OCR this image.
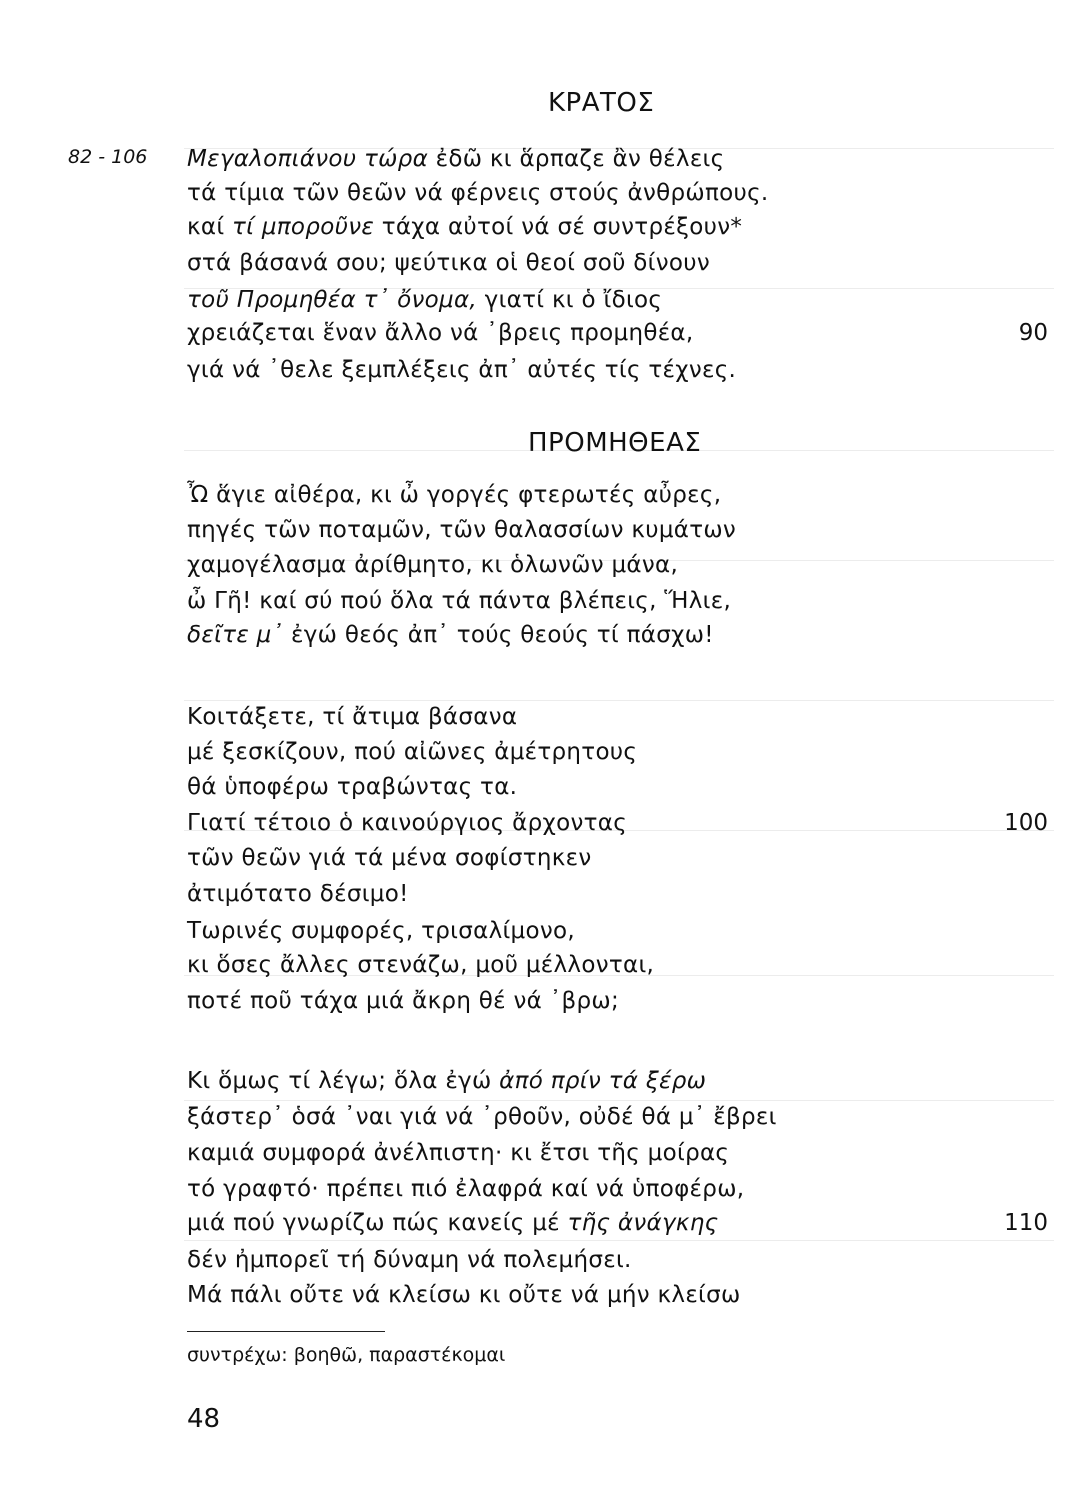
ΚΡΑΤΟΣ
82 - 106 Μεγαλοπιάνου τώρα ἐδῶ κι ἅρπαζε ἂν θέλεις
τά τίμια τῶν θεῶν νά φέρνεις στούς ἀνθρώπους.
καί τί μποροῦνε τάχα αὐτοί νά σέ συντρέξουν*
στά βάσανά σου; ψεύτικα οἱ θεοί σοῦ δίνουν
τοῦ Προμηθέα τ᾽ ὄνομα, γιατί κι ὁ ἴδιος
χρειάζεται ἕναν ἄλλο νά ᾽βρεις προμηθέα,	90
γιά νά ᾽θελε ξεμπλέξεις ἀπ᾽ αὐτές τίς τέχνες.
ΠΡΟΜΗΘΕΑΣ
Ὦ ἅγιε αἰθέρα, κι ὦ γοργές φτερωτές αὖρες,
πηγές τῶν ποταμῶν, τῶν θαλασσίων κυμάτων
χαμογέλασμα ἀρίθμητο, κι ὁλωνῶν μάνα,
ὦ Γῆ! καί σύ πού ὅλα τά πάντα βλέπεις, Ἥλιε,
δεῖτε μ᾽ ἐγώ θεός ἀπ᾽ τούς θεούς τί πάσχω!
Κοιτάξετε, τί ἄτιμα βάσανα
μέ ξεσκίζουν, πού αἰῶνες ἀμέτρητους
θά ὑποφέρω τραβώντας τα.
Γιατί τέτοιο ὁ καινούργιος ἄρχοντας	100
τῶν θεῶν γιά τά μένα σοφίστηκεν
ἀτιμότατο δέσιμο!
Τωρινές συμφορές, τρισαλίμονο,
κι ὅσες ἄλλες στενάζω, μοῦ μέλλονται,
ποτέ ποῦ τάχα μιά ἄκρη θέ νά ᾽βρω;
Κι ὅμως τί λέγω; ὅλα ἐγώ ἀπό πρίν τά ξέρω
ξάστερ᾽ ὁσά ᾽ναι γιά νά ᾽ρθοῦν, οὐδέ θά μ᾽ ἔβρει
καμιά συμφορά ἀνέλπιστη· κι ἔτσι τῆς μοίρας
τό γραφτό· πρέπει πιό ἐλαφρά καί νά ὑποφέρω,
μιά πού γνωρίζω πώς κανείς μέ τῆς ἀνάγκης	110
δέν ἠμπορεῖ τή δύναμη νά πολεμήσει.
Μά πάλι οὔτε νά κλείσω κι οὔτε νά μήν κλείσω
συντρέχω: βοηθῶ, παραστέκομαι
48
